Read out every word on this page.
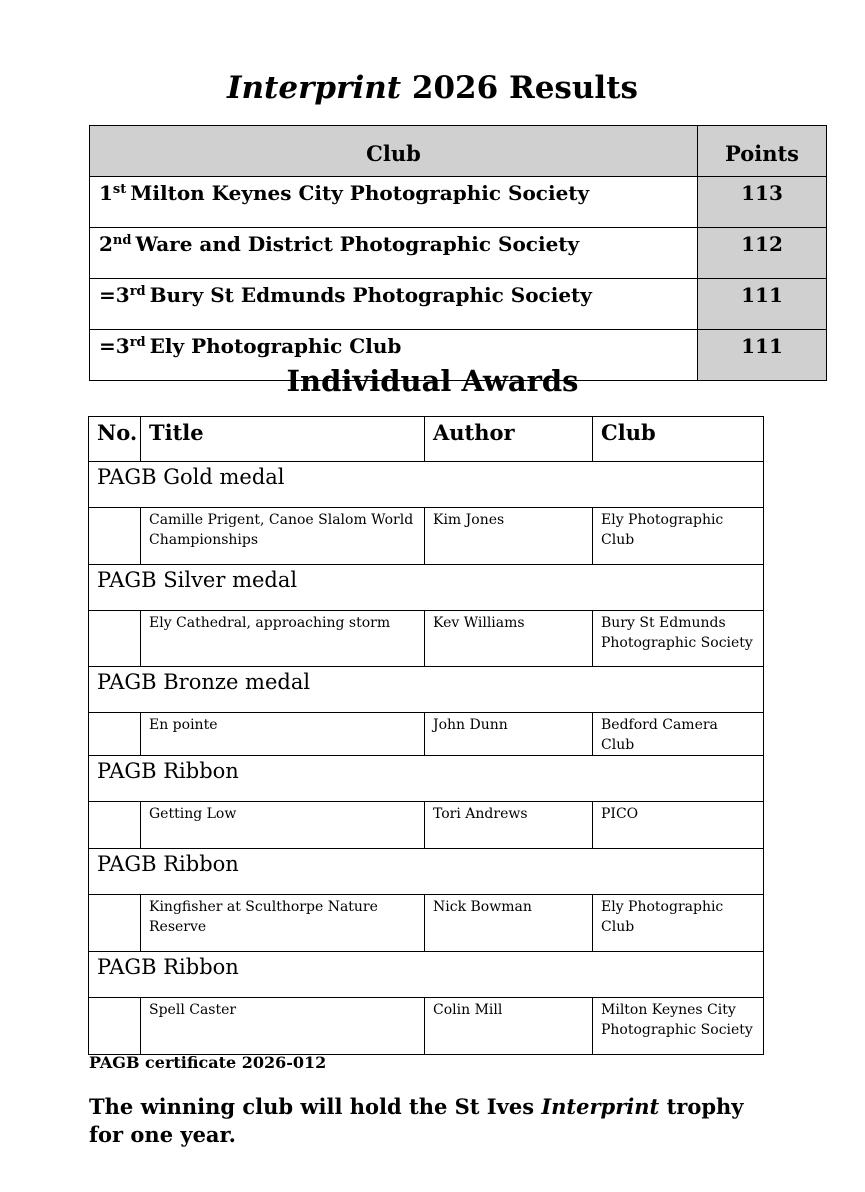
Interprint 2026 Results
Club	Points
1st Milton Keynes City Photographic Society	113
2nd Ware and District Photographic Society	112
=3rd Bury St Edmunds Photographic Society	111
=3rd Ely Photographic Club	111
Individual Awards
No.	Title	Author	Club
PAGB Gold medal			
	Camille Prigent, Canoe Slalom World Championships	Kim Jones	Ely Photographic Club
PAGB Silver medal			
	Ely Cathedral, approaching storm	Kev Williams	Bury St Edmunds Photographic Society
PAGB Bronze medal			
	En pointe	John Dunn	Bedford Camera Club
PAGB Ribbon			
	Getting Low	Tori Andrews	PICO
PAGB Ribbon			
	Kingfisher at Sculthorpe Nature Reserve	Nick Bowman	Ely Photographic Club
PAGB Ribbon			
	Spell Caster	Colin Mill	Milton Keynes City Photographic Society
PAGB certificate 2026-012
The winning club will hold the St Ives Interprint trophy for one year.
